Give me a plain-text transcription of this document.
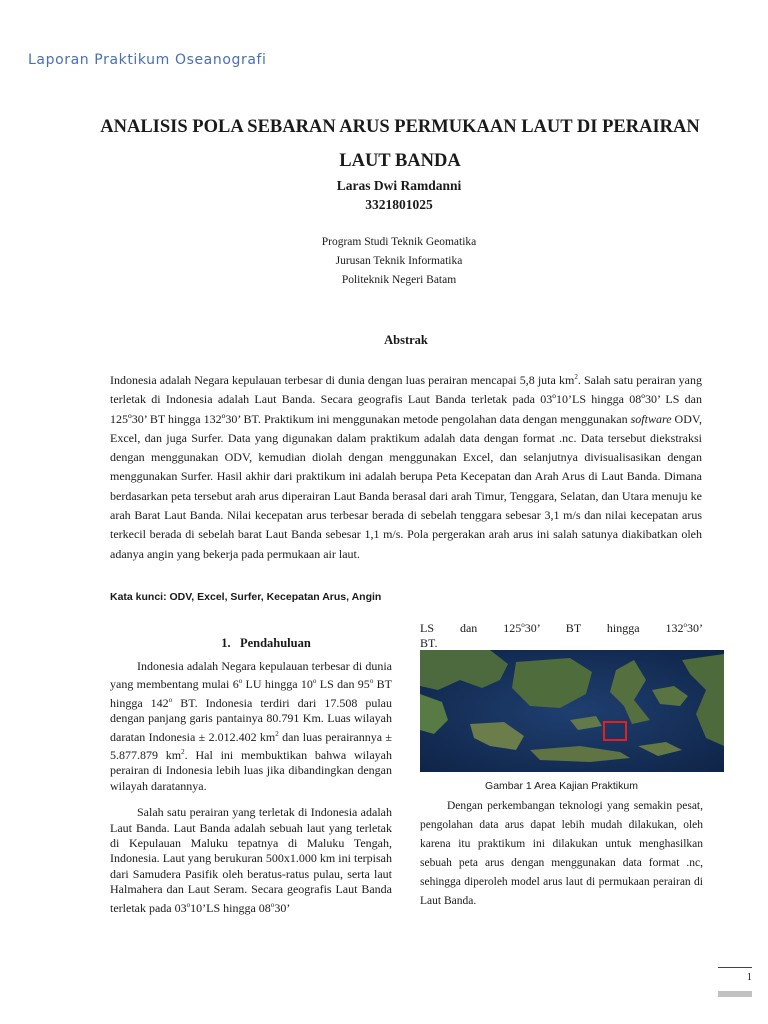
Laporan Praktikum Oseanografi
ANALISIS POLA SEBARAN ARUS PERMUKAAN LAUT DI PERAIRAN LAUT BANDA
Laras Dwi Ramdanni
3321801025
Program Studi Teknik Geomatika
Jurusan Teknik Informatika
Politeknik Negeri Batam
Abstrak

Indonesia adalah Negara kepulauan terbesar di dunia dengan luas perairan mencapai 5,8 juta $km^2$. Salah satu perairan yang terletak di Indonesia adalah Laut Banda. Secara geografis Laut Banda terletak pada 03º10’LS hingga 08º30’ LS dan 125º30’ BT hingga 132º30’ BT. Praktikum ini menggunakan metode pengolahan data dengan menggunakan software ODV, Excel, dan juga Surfer. Data yang digunakan dalam praktikum adalah data dengan format .nc. Data tersebut diekstraksi dengan menggunakan ODV, kemudian diolah dengan menggunakan Excel, dan selanjutnya divisualisasikan dengan menggunakan Surfer. Hasil akhir dari praktikum ini adalah berupa Peta Kecepatan dan Arah Arus di Laut Banda. Dimana berdasarkan peta tersebut arah arus diperairan Laut Banda berasal dari arah Timur, Tenggara, Selatan, dan Utara menuju ke arah Barat Laut Banda. Nilai kecepatan arus terbesar berada di sebelah tenggara sebesar 3,1 m/s dan nilai kecepatan arus terkecil berada di sebelah barat Laut Banda sebesar 1,1 m/s. Pola pergerakan arah arus ini salah satunya diakibatkan oleh adanya angin yang bekerja pada permukaan air laut.

Kata kunci: ODV, Excel, Surfer, Kecepatan Arus, Angin
1.   Pendahuluan

Indonesia adalah Negara kepulauan terbesar di dunia yang membentang mulai 6$^o$ LU hingga 10$^o$ LS dan 95$^o$ BT hingga 142$^o$ BT. Indonesia terdiri dari 17.508 pulau dengan panjang garis pantainya 80.791 Km. Luas wilayah daratan Indonesia ± 2.012.402 $km^2$ dan luas perairannya ± 5.877.879 $km^2$. Hal ini membuktikan bahwa wilayah perairan di Indonesia lebih luas jika dibandingkan dengan wilayah daratannya.

Salah satu perairan yang terletak di Indonesia adalah Laut Banda. Laut Banda adalah sebuah laut yang terletak di Kepulauan Maluku tepatnya di Maluku Tengah, Indonesia. Laut yang berukuran 500x1.000 km ini terpisah dari Samudera Pasifik oleh beratus-ratus pulau, serta laut Halmahera dan Laut Seram. Secara geografis Laut Banda terletak pada 03$^o$10’LS hingga 08$^o$30’

LS dan 125$^o$30’ BT hingga 132$^o$30’

BT.

Gambar 1 Area Kajian Praktikum

Dengan perkembangan teknologi yang semakin pesat, pengolahan data arus dapat lebih mudah dilakukan, oleh karena itu praktikum ini dilakukan untuk menghasilkan sebuah peta arus dengan menggunakan data format .nc, sehingga diperoleh model arus laut di permukaan perairan di Laut Banda.

1
